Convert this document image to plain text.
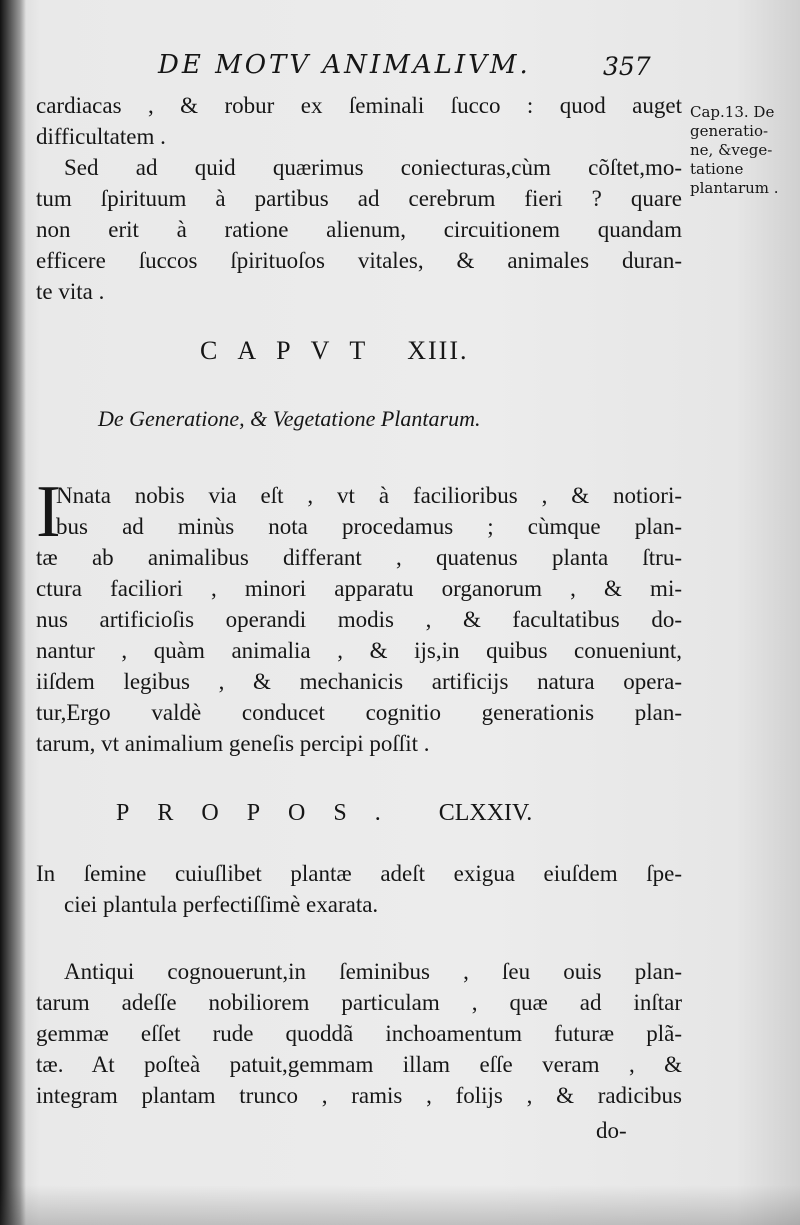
DE MOTV ANIMALIVM.	357
Cap.13. De
generatio-
ne, &vege-
tatione
plantarum .
cardiacas , & robur ex ſeminali ſucco : quod auget
difficultatem .
Sed ad quid quærimus coniecturas,cùm cõſtet,mo-
tum ſpirituum à partibus ad cerebrum fieri ? quare
non erit à ratione alienum, circuitionem quandam
efficere ſuccos ſpirituoſos vitales, & animales duran-
te vita .
CAPVT XIII.
De Generatione, & Vegetatione Plantarum.
I
Nnata nobis via eſt , vt à facilioribus , & notiori-
bus ad minùs nota procedamus ; cùmque plan-
tæ ab animalibus differant , quatenus planta ſtru-
ctura faciliori , minori apparatu organorum , & mi-
nus artificioſis operandi modis , & facultatibus do-
nantur , quàm animalia , & ijs,in quibus conueniunt,
iiſdem legibus , & mechanicis artificijs natura opera-
tur,Ergo valdè conducet cognitio generationis plan-
tarum, vt animalium geneſis percipi poſſit .
PROPOS. CLXXIV.
In ſemine cuiuſlibet plantæ adeſt exigua eiuſdem ſpe-
ciei plantula perfectiſſimè exarata.
Antiqui cognouerunt,in ſeminibus , ſeu ouis plan-
tarum adeſſe nobiliorem particulam , quæ ad inſtar
gemmæ eſſet rude quoddã inchoamentum futuræ plã-
tæ. At poſteà patuit,gemmam illam eſſe veram , &
integram plantam trunco , ramis , folijs , & radicibus
do-
